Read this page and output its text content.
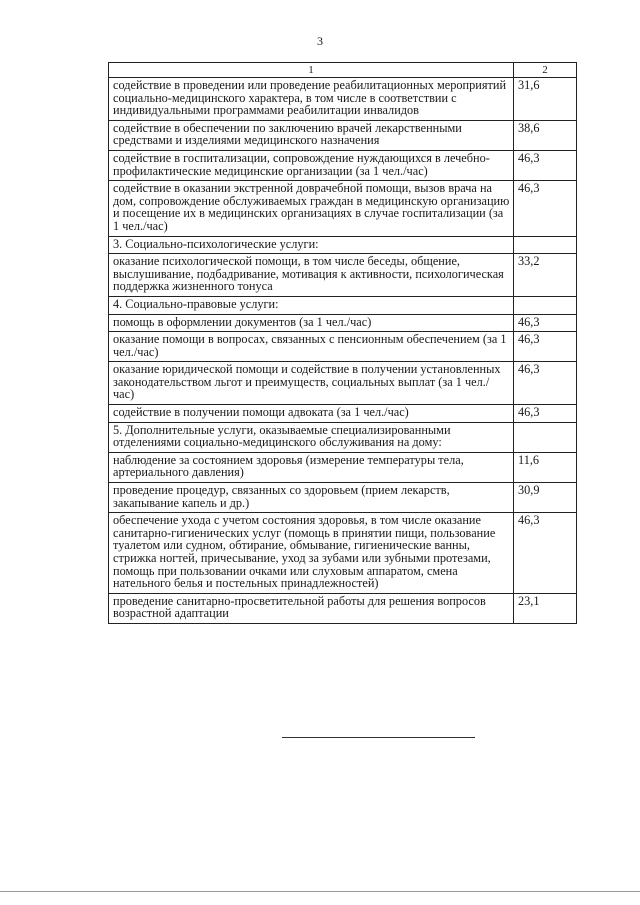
3
1	2
содействие в проведении или проведение реабилитационных мероприятий социально-медицинского характера, в том числе в соответствии с индивидуальными программами реабилитации инвалидов	31,6
содействие в обеспечении по заключению врачей лекарственными средствами и изделиями медицинского назначения	38,6
содействие в госпитализации, сопровождение нуждающихся в лечебно-профилактические медицинские организации (за 1 чел./час)	46,3
содействие в оказании экстренной доврачебной помощи, вызов врача на дом, сопровождение обслуживаемых граждан в медицинскую организацию и посещение их в медицинских организациях в случае госпитализации (за 1 чел./час)	46,3
3. Социально-психологические услуги:	
оказание психологической помощи, в том числе беседы, общение, выслушивание, подбадривание, мотивация к активности, психологическая поддержка жизненного тонуса	33,2
4. Социально-правовые услуги:	
помощь в оформлении документов (за 1 чел./час)	46,3
оказание помощи в вопросах, связанных с пенсионным обеспечением (за 1 чел./час)	46,3
оказание юридической помощи и содействие в получении установленных законодательством льгот и преимуществ, социальных выплат (за 1 чел./час)	46,3
содействие в получении помощи адвоката (за 1 чел./час)	46,3
5. Дополнительные услуги, оказываемые специализированными отделениями социально-медицинского обслуживания на дому:	
наблюдение за состоянием здоровья (измерение температуры тела, артериального давления)	11,6
проведение процедур, связанных со здоровьем (прием лекарств, закапывание капель и др.)	30,9
обеспечение ухода с учетом состояния здоровья, в том числе оказание санитарно-гигиенических услуг (помощь в принятии пищи, пользование туалетом или судном, обтирание, обмывание, гигиенические ванны, стрижка ногтей, причесывание, уход за зубами или зубными протезами, помощь при пользовании очками или слуховым аппаратом, смена нательного белья и постельных принадлежностей)	46,3
проведение санитарно-просветительной работы для решения вопросов возрастной адаптации	23,1
